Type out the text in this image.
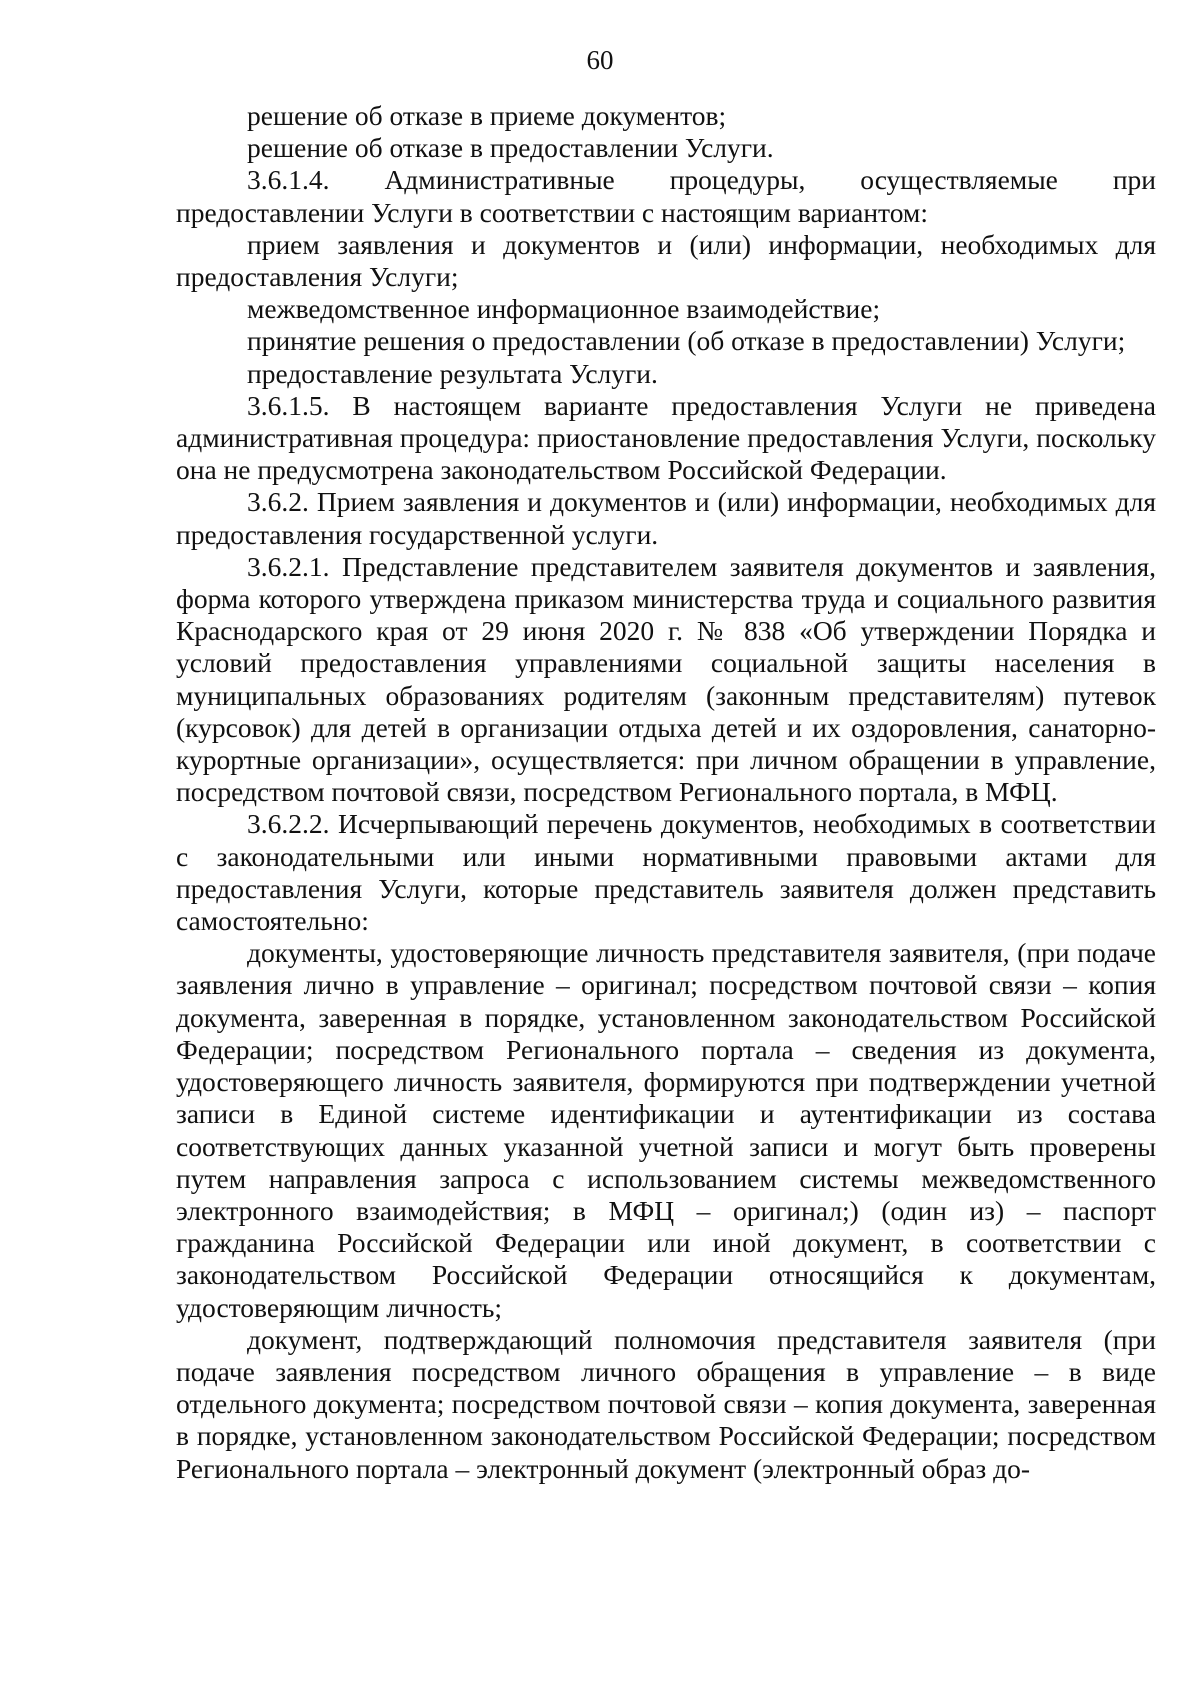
60

решение об отказе в приеме документов;

решение об отказе в предоставлении Услуги.

3.6.1.4. Административные процедуры, осуществляемые при предоставлении Услуги в соответствии с настоящим вариантом:

прием заявления и документов и (или) информации, необходимых для предоставления Услуги;

межведомственное информационное взаимодействие;

принятие решения о предоставлении (об отказе в предоставлении) Услуги;

предоставление результата Услуги.

3.6.1.5. В настоящем варианте предоставления Услуги не приведена административная процедура: приостановление предоставления Услуги, поскольку она не предусмотрена законодательством Российской Федерации.

3.6.2. Прием заявления и документов и (или) информации, необходимых для предоставления государственной услуги.

3.6.2.1. Представление представителем заявителя документов и заявления, форма которого утверждена приказом министерства труда и социального развития Краснодарского края от 29 июня 2020 г. № 838 «Об утверждении Порядка и условий предоставления управлениями социальной защиты населения в муниципальных образованиях родителям (законным представителям) путевок (курсовок) для детей в организации отдыха детей и их оздоровления, санаторно-курортные организации», осуществляется: при личном обращении в управление, посредством почтовой связи, посредством Регионального портала, в МФЦ.

3.6.2.2. Исчерпывающий перечень документов, необходимых в соответствии с законодательными или иными нормативными правовыми актами для предоставления Услуги, которые представитель заявителя должен представить самостоятельно:

документы, удостоверяющие личность представителя заявителя, (при подаче заявления лично в управление – оригинал; посредством почтовой связи – копия документа, заверенная в порядке, установленном законодательством Российской Федерации; посредством Регионального портала – сведения из документа, удостоверяющего личность заявителя, формируются при подтверждении учетной записи в Единой системе идентификации и аутентификации из состава соответствующих данных указанной учетной записи и могут быть проверены путем направления запроса с использованием системы межведомственного электронного взаимодействия; в МФЦ – оригинал;) (один из) – паспорт гражданина Российской Федерации или иной документ, в соответствии с законодательством Российской Федерации относящийся к документам, удостоверяющим личность;

документ, подтверждающий полномочия представителя заявителя (при подаче заявления посредством личного обращения в управление – в виде отдельного документа; посредством почтовой связи – копия документа, заверенная в порядке, установленном законодательством Российской Федерации; посредством Регионального портала – электронный документ (электронный образ до-
